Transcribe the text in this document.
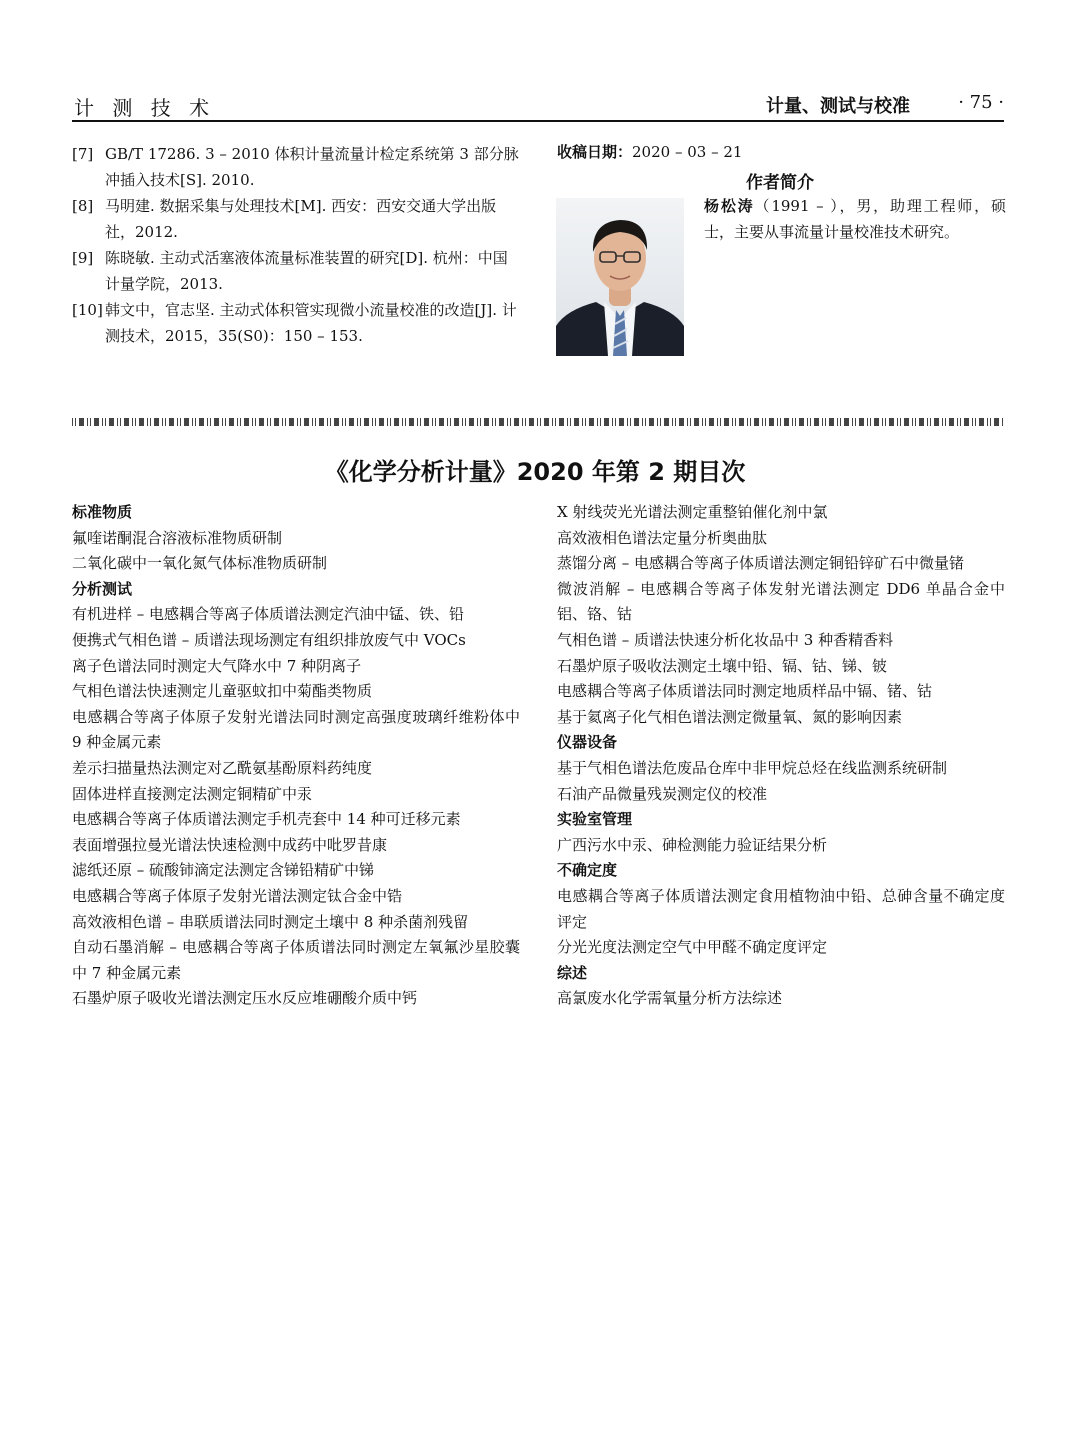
计 测 技 术	计量、测试与校准	· 75 ·

[7] GB/T 17286. 3 – 2010 体积计量流量计检定系统第 3 部分脉冲插入技术[S]. 2010.

[8] 马明建. 数据采集与处理技术[M]. 西安：西安交通大学出版社，2012.

[9] 陈晓敏. 主动式活塞液体流量标准装置的研究[D]. 杭州：中国计量学院，2013.

[10] 韩文中，官志坚. 主动式体积管实现微小流量校准的改造[J]. 计测技术，2015，35(S0)：150 – 153.

收稿日期：2020 – 03 – 21
作者简介
杨松涛（1991 – ），男，助理工程师，硕士，主要从事流量计量校准技术研究。
《化学分析计量》2020 年第 2 期目次
标准物质
氟喹诺酮混合溶液标准物质研制
二氧化碳中一氧化氮气体标准物质研制
分析测试
有机进样 – 电感耦合等离子体质谱法测定汽油中锰、铁、铅
便携式气相色谱 – 质谱法现场测定有组织排放废气中 VOCs
离子色谱法同时测定大气降水中 7 种阴离子
气相色谱法快速测定儿童驱蚊扣中菊酯类物质
电感耦合等离子体原子发射光谱法同时测定高强度玻璃纤维粉体中 9 种金属元素
差示扫描量热法测定对乙酰氨基酚原料药纯度
固体进样直接测定法测定铜精矿中汞
电感耦合等离子体质谱法测定手机壳套中 14 种可迁移元素
表面增强拉曼光谱法快速检测中成药中吡罗昔康
滤纸还原 – 硫酸铈滴定法测定含锑铅精矿中锑
电感耦合等离子体原子发射光谱法测定钛合金中锆
高效液相色谱 – 串联质谱法同时测定土壤中 8 种杀菌剂残留
自动石墨消解 – 电感耦合等离子体质谱法同时测定左氧氟沙星胶囊中 7 种金属元素
石墨炉原子吸收光谱法测定压水反应堆硼酸介质中钙
X 射线荧光光谱法测定重整铂催化剂中氯
高效液相色谱法定量分析奥曲肽
蒸馏分离 – 电感耦合等离子体质谱法测定铜铅锌矿石中微量锗
微波消解 – 电感耦合等离子体发射光谱法测定 DD6 单晶合金中铝、铬、钴
气相色谱 – 质谱法快速分析化妆品中 3 种香精香料
石墨炉原子吸收法测定土壤中铅、镉、钴、锑、铍
电感耦合等离子体质谱法同时测定地质样品中镉、锗、钴
基于氦离子化气相色谱法测定微量氧、氮的影响因素
仪器设备
基于气相色谱法危废品仓库中非甲烷总烃在线监测系统研制
石油产品微量残炭测定仪的校准
实验室管理
广西污水中汞、砷检测能力验证结果分析
不确定度
电感耦合等离子体质谱法测定食用植物油中铅、总砷含量不确定度评定
分光光度法测定空气中甲醛不确定度评定
综述
高氯废水化学需氧量分析方法综述
